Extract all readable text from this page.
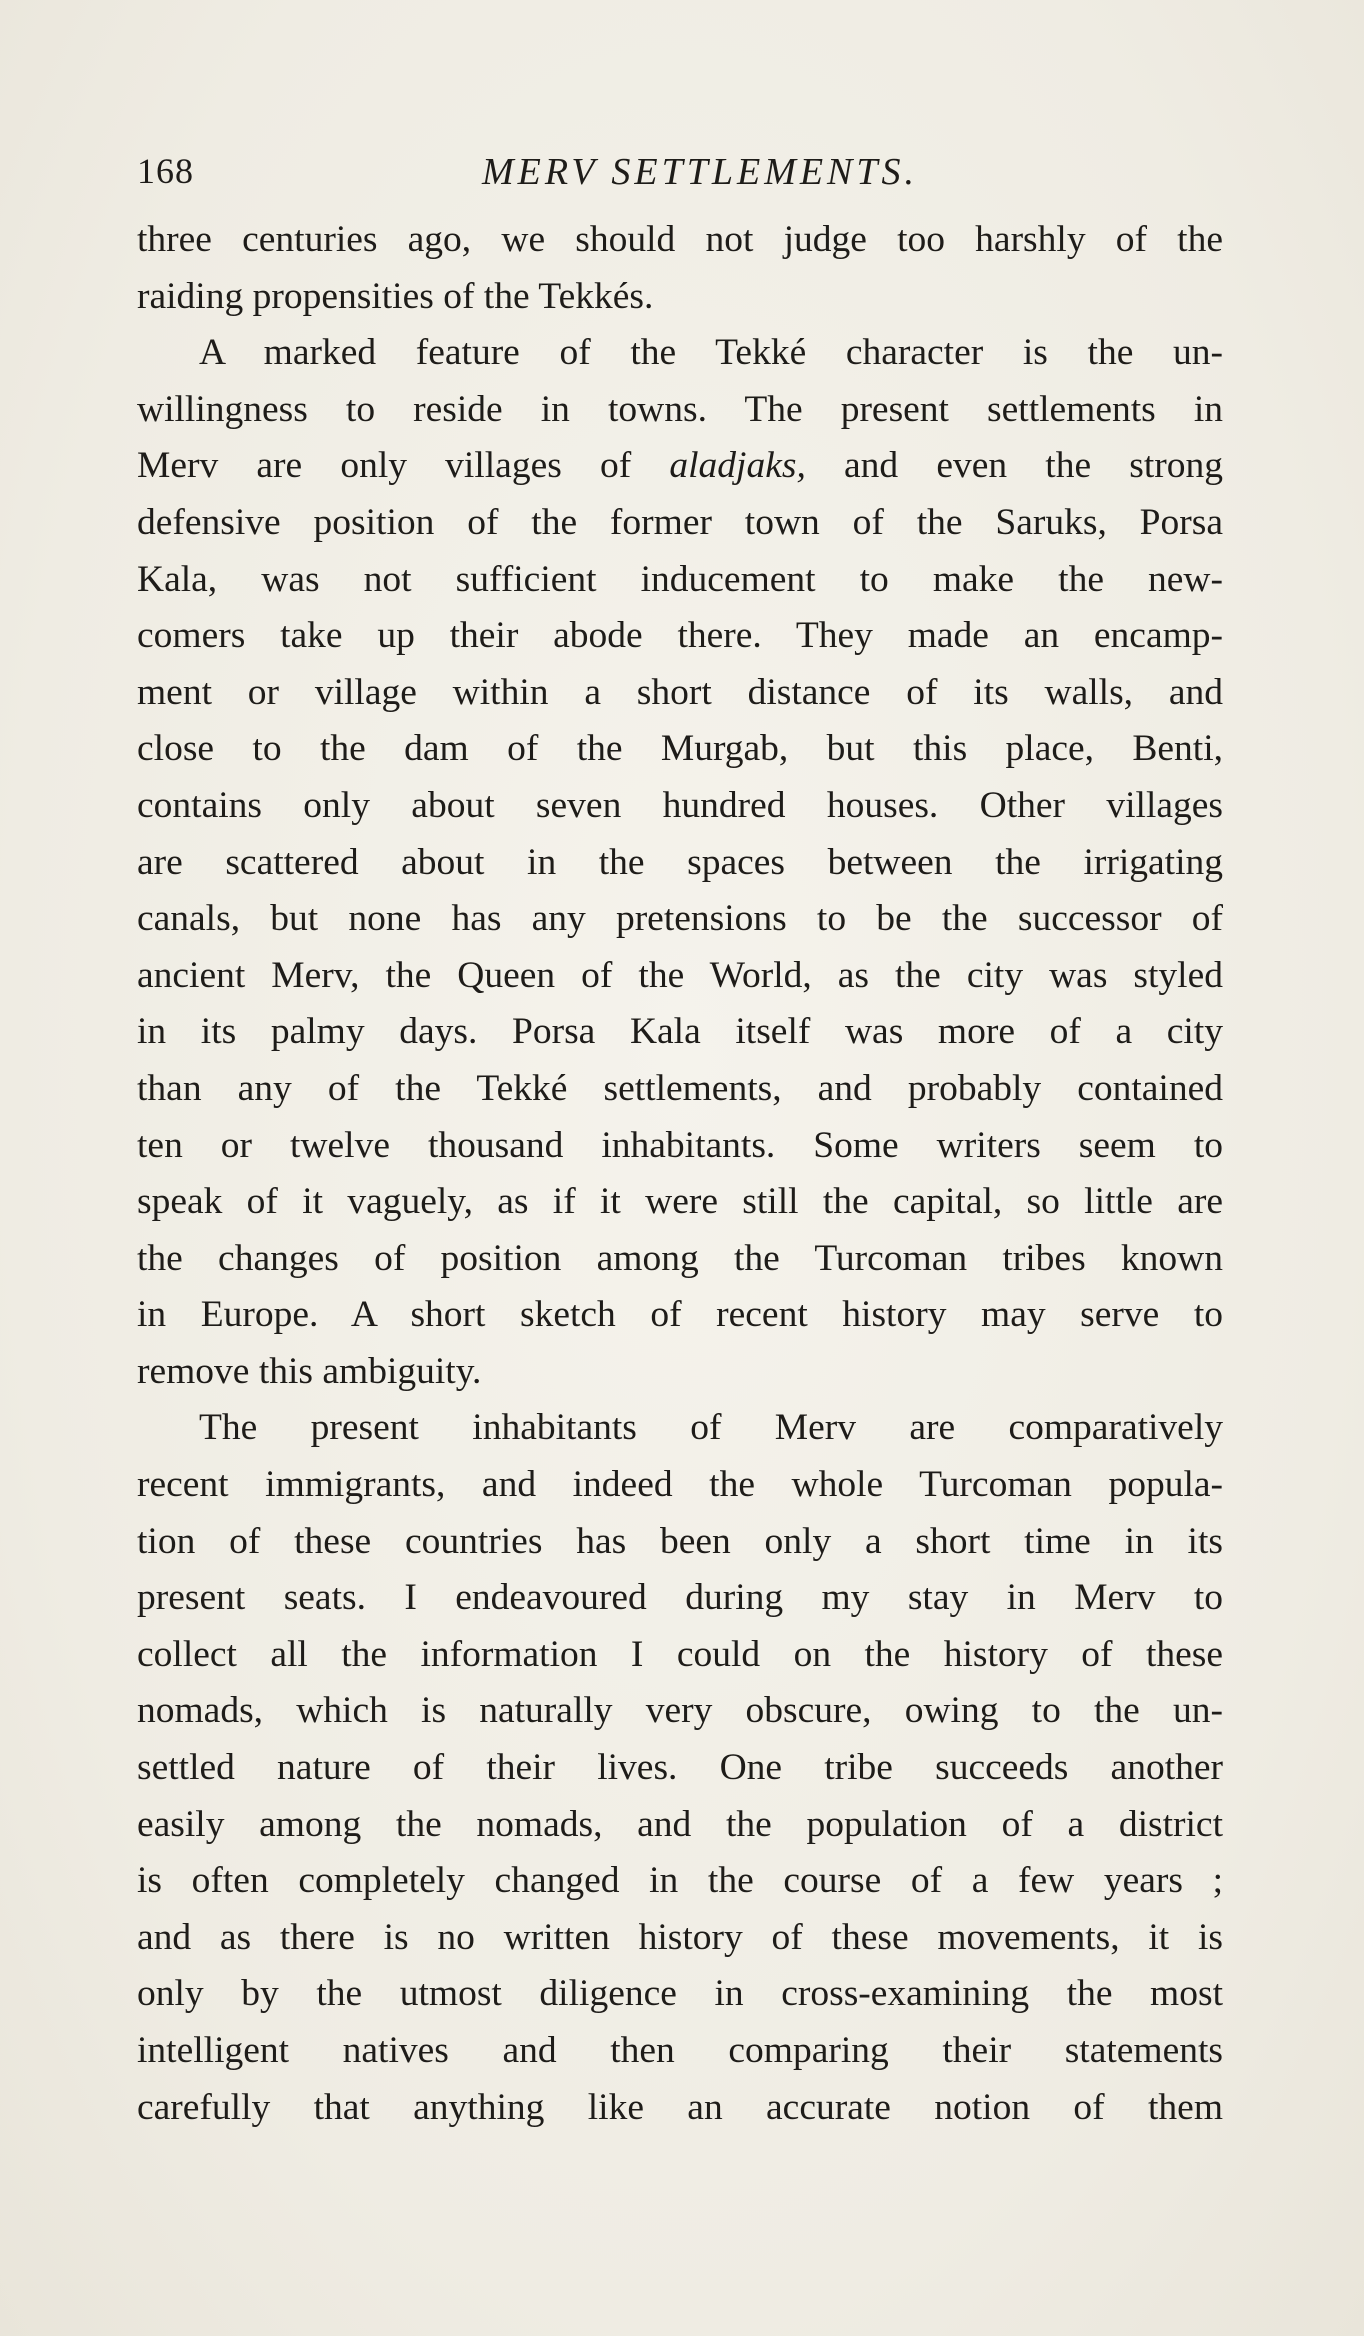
168	MERV SETTLEMENTS.
three centuries ago, we should not judge too harshly of the
raiding propensities of the Tekkés.
A marked feature of the Tekké character is the un-
willingness to reside in towns. The present settlements in
Merv are only villages of aladjaks, and even the strong
defensive position of the former town of the Saruks, Porsa
Kala, was not sufficient inducement to make the new-
comers take up their abode there. They made an encamp-
ment or village within a short distance of its walls, and
close to the dam of the Murgab, but this place, Benti,
contains only about seven hundred houses. Other villages
are scattered about in the spaces between the irrigating
canals, but none has any pretensions to be the successor of
ancient Merv, the Queen of the World, as the city was styled
in its palmy days. Porsa Kala itself was more of a city
than any of the Tekké settlements, and probably contained
ten or twelve thousand inhabitants. Some writers seem to
speak of it vaguely, as if it were still the capital, so little are
the changes of position among the Turcoman tribes known
in Europe. A short sketch of recent history may serve to
remove this ambiguity.
The present inhabitants of Merv are comparatively
recent immigrants, and indeed the whole Turcoman popula-
tion of these countries has been only a short time in its
present seats. I endeavoured during my stay in Merv to
collect all the information I could on the history of these
nomads, which is naturally very obscure, owing to the un-
settled nature of their lives. One tribe succeeds another
easily among the nomads, and the population of a district
is often completely changed in the course of a few years ;
and as there is no written history of these movements, it is
only by the utmost diligence in cross-examining the most
intelligent natives and then comparing their statements
carefully that anything like an accurate notion of them
